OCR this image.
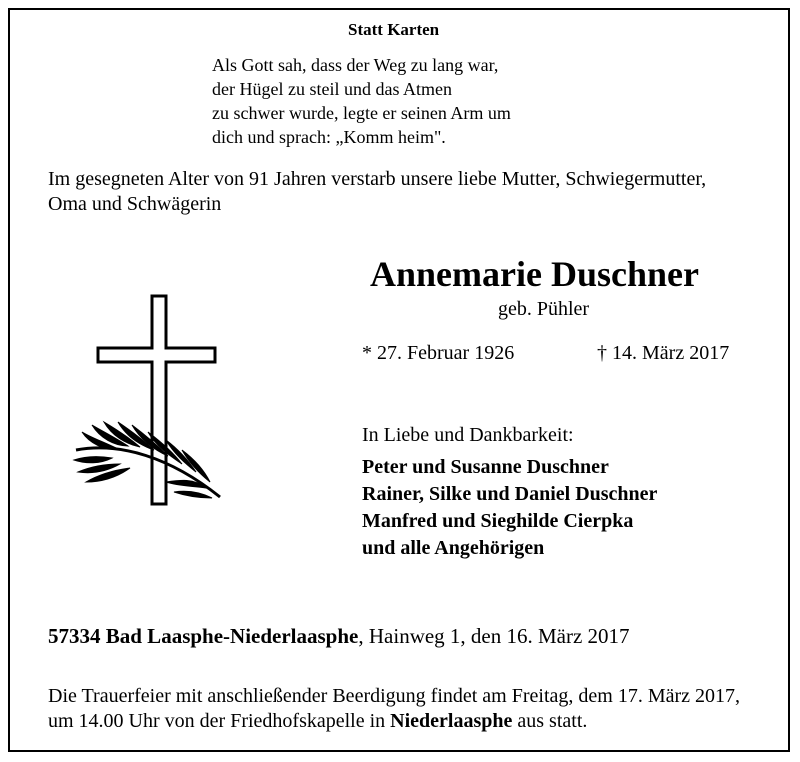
Statt Karten
Als Gott sah, dass der Weg zu lang war,
der Hügel zu steil und das Atmen
zu schwer wurde, legte er seinen Arm um
dich und sprach: „Komm heim".
Im gesegneten Alter von 91 Jahren verstarb unsere liebe Mutter, Schwiegermutter,
Oma und Schwägerin
Annemarie Duschner
geb. Pühler
* 27. Februar 1926	† 14. März 2017
In Liebe und Dankbarkeit:
Peter und Susanne Duschner
Rainer, Silke und Daniel Duschner
Manfred und Sieghilde Cierpka
und alle Angehörigen
57334 Bad Laasphe-Niederlaasphe, Hainweg 1, den 16. März 2017
Die Trauerfeier mit anschließender Beerdigung findet am Freitag, dem 17. März 2017,
um 14.00 Uhr von der Friedhofskapelle in Niederlaasphe aus statt.
